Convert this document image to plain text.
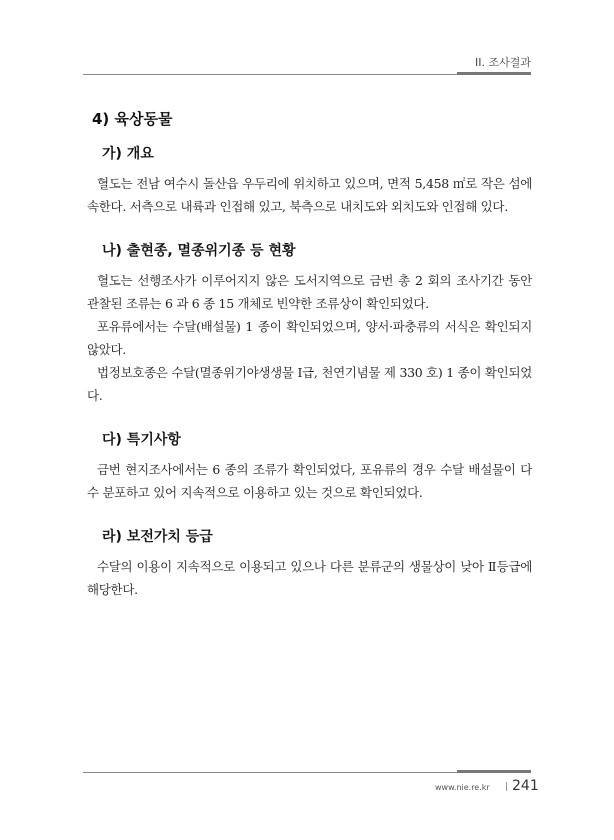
II. 조사결과
4) 육상동물
가) 개요

혈도는 전남 여수시 돌산읍 우두리에 위치하고 있으며, 면적 5,458 ㎡로 작은 섬에 속한다. 서측으로 내륙과 인접해 있고, 북측으로 내치도와 외치도와 인접해 있다.

나) 출현종, 멸종위기종 등 현황

혈도는 선행조사가 이루어지지 않은 도서지역으로 금번 총 2 회의 조사기간 동안 관찰된 조류는 6 과 6 종 15 개체로 빈약한 조류상이 확인되었다.

포유류에서는 수달(배설물) 1 종이 확인되었으며, 양서·파충류의 서식은 확인되지 않았다.

법정보호종은 수달(멸종위기야생생물 Ⅰ급, 천연기념물 제 330 호) 1 종이 확인되었다.

다) 특기사항

금번 현지조사에서는 6 종의 조류가 확인되었다, 포유류의 경우 수달 배설물이 다수 분포하고 있어 지속적으로 이용하고 있는 것으로 확인되었다.

라) 보전가치 등급

수달의 이용이 지속적으로 이용되고 있으나 다른 분류군의 생물상이 낮아 Ⅱ등급에 해당한다.

www.nie.re.kr | 241
